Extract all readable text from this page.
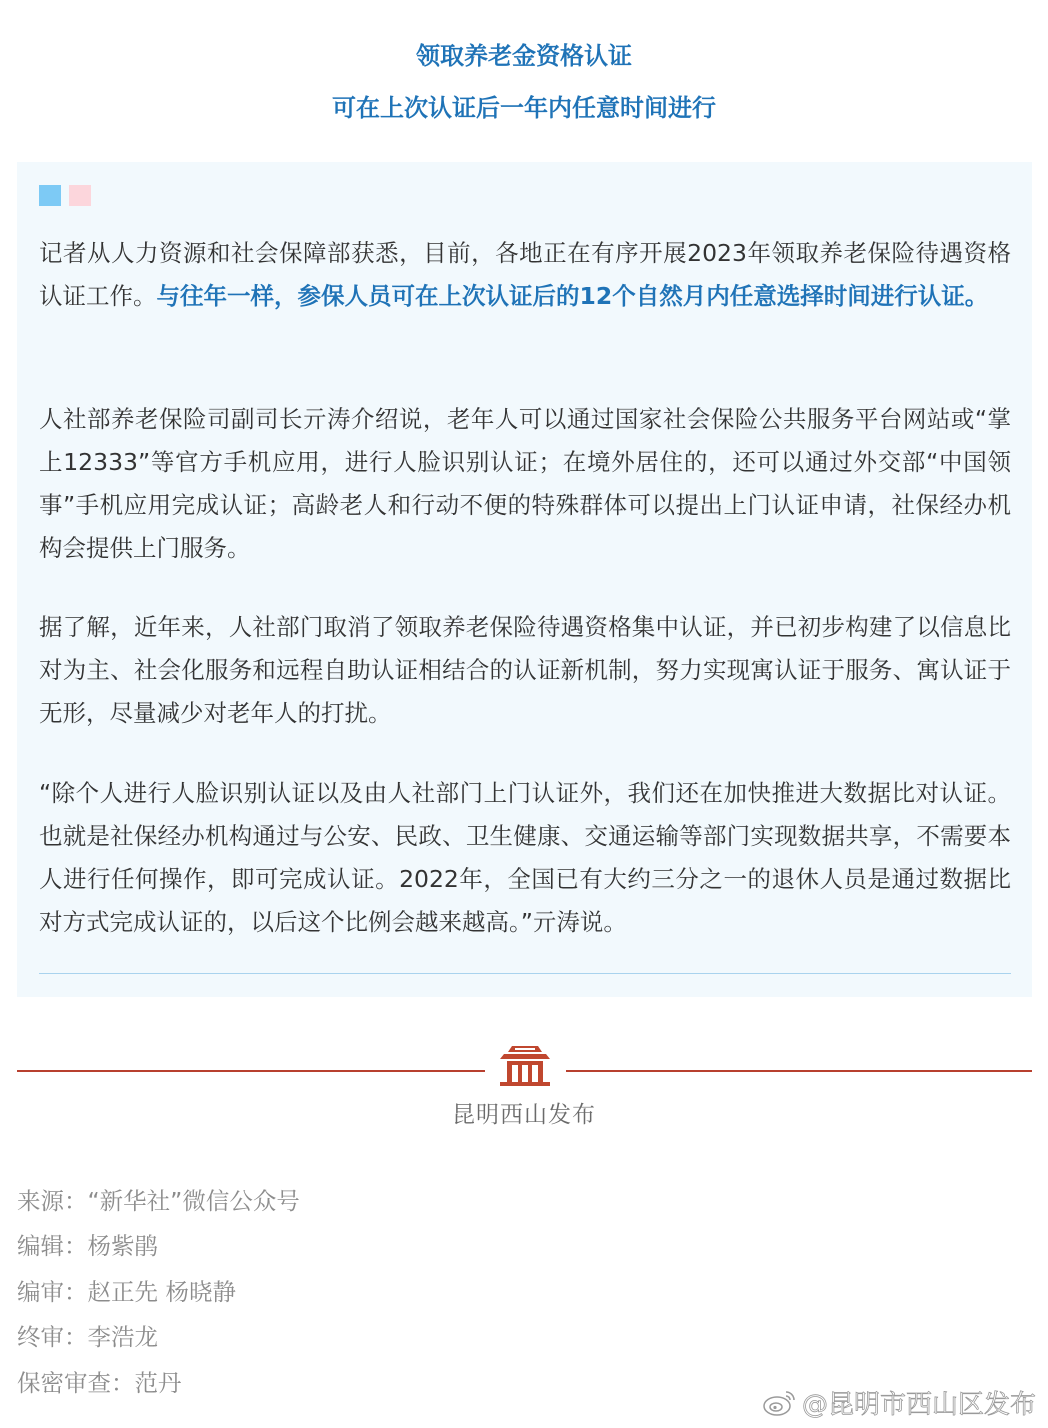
领取养老金资格认证
可在上次认证后一年内任意时间进行

记者从人力资源和社会保障部获悉，目前，各地正在有序开展2023年领取养老保险待遇资格认证工作。与往年一样，参保人员可在上次认证后的12个自然月内任意选择时间进行认证。

人社部养老保险司副司长亓涛介绍说，老年人可以通过国家社会保险公共服务平台网站或“掌上12333”等官方手机应用，进行人脸识别认证；在境外居住的，还可以通过外交部“中国领事”手机应用完成认证；高龄老人和行动不便的特殊群体可以提出上门认证申请，社保经办机构会提供上门服务。

据了解，近年来，人社部门取消了领取养老保险待遇资格集中认证，并已初步构建了以信息比对为主、社会化服务和远程自助认证相结合的认证新机制，努力实现寓认证于服务、寓认证于无形，尽量减少对老年人的打扰。

“除个人进行人脸识别认证以及由人社部门上门认证外，我们还在加快推进大数据比对认证。也就是社保经办机构通过与公安、民政、卫生健康、交通运输等部门实现数据共享，不需要本人进行任何操作，即可完成认证。2022年，全国已有大约三分之一的退休人员是通过数据比对方式完成认证的，以后这个比例会越来越高。”亓涛说。

昆明西山发布
来源：“新华社”微信公众号
编辑：杨紫鹃
编审：赵正先 杨晓静
终审：李浩龙
保密审查：范丹
@昆明市西山区发布
